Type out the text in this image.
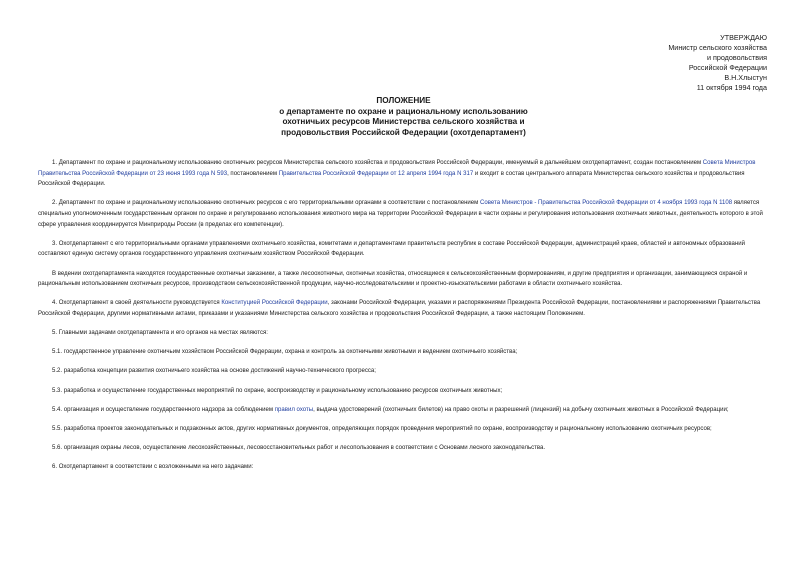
УТВЕРЖДАЮ
Министр сельского хозяйства
и продовольствия
Российской Федерации
В.Н.Хлыстун
11 октября 1994 года
ПОЛОЖЕНИЕ
о департаменте по охране и рациональному использованию
охотничьих ресурсов Министерства сельского хозяйства и
продовольствия Российской Федерации (охотдепартамент)

1. Департамент по охране и рациональному использованию охотничьих ресурсов Министерства сельского хозяйства и продовольствия Российской Федерации, именуемый в дальнейшем охотдепартамент, создан постановлением Совета Министров Правительства Российской Федерации от 23 июня 1993 года N 593, постановлением Правительства Российской Федерации от 12 апреля 1994 года N 317 и входит в состав центрального аппарата Министерства сельского хозяйства и продовольствия Российской Федерации.

2. Департамент по охране и рациональному использованию охотничьих ресурсов с его территориальными органами в соответствии с постановлением Совета Министров - Правительства Российской Федерации от 4 ноября 1993 года N 1108 является специально уполномоченным государственным органом по охране и регулированию использования животного мира на территории Российской Федерации в части охраны и регулирования использования охотничьих животных, деятельность которого в этой сфере управления координируется Минприроды России (в пределах его компетенции).

3. Охотдепартамент с его территориальными органами управлениями охотничьего хозяйства, комитетами и департаментами правительств республик в составе Российской Федерации, администраций краев, областей и автономных образований составляют единую систему органов государственного управления охотничьим хозяйством Российской Федерации.

В ведении охотдепартамента находятся государственные охотничьи заказники, а также лесоохотничьи, охотничьи хозяйства, относящиеся к сельскохозяйственным формированиям, и другие предприятия и организации, занимающиеся охраной и рациональным использованием охотничьих ресурсов, производством сельскохозяйственной продукции, научно-исследовательскими и проектно-изыскательскими работами в области охотничьего хозяйства.

4. Охотдепартамент в своей деятельности руководствуется Конституцией Российской Федерации, законами Российской Федерации, указами и распоряжениями Президента Российской Федерации, постановлениями и распоряжениями Правительства Российской Федерации, другими нормативными актами, приказами и указаниями Министерства сельского хозяйства и продовольствия Российской Федерации, а также настоящим Положением.

5. Главными задачами охотдепартамента и его органов на местах являются:

5.1. государственное управление охотничьим хозяйством Российской Федерации, охрана и контроль за охотничьими животными и ведением охотничьего хозяйства;

5.2. разработка концепции развития охотничьего хозяйства на основе достижений научно-технического прогресса;

5.3. разработка и осуществление государственных мероприятий по охране, воспроизводству и рациональному использованию ресурсов охотничьих животных;

5.4. организация и осуществление государственного надзора за соблюдением правил охоты, выдача удостоверений (охотничьих билетов) на право охоты и разрешений (лицензий) на добычу охотничьих животных в Российской Федерации;

5.5. разработка проектов законодательных и подзаконных актов, других нормативных документов, определяющих порядок проведения мероприятий по охране, воспроизводству и рациональному использованию охотничьих ресурсов;

5.6. организация охраны лесов, осуществление лесохозяйственных, лесовосстановительных работ и лесопользования в соответствии с Основами лесного законодательства.

6. Охотдепартамент в соответствии с возложенными на него задачами:
